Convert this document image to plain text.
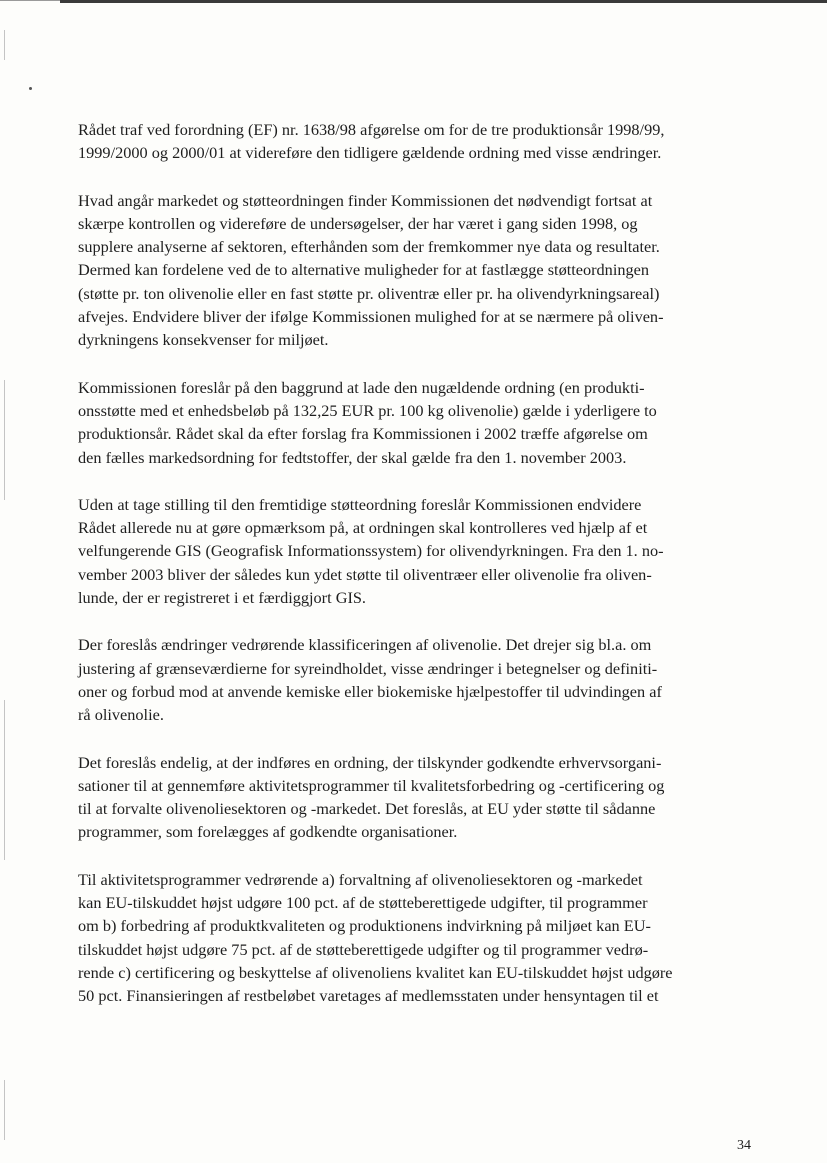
Rådet traf ved forordning (EF) nr. 1638/98 afgørelse om for de tre produktionsår 1998/99,
1999/2000 og 2000/01 at videreføre den tidligere gældende ordning med visse ændringer.

Hvad angår markedet og støtteordningen finder Kommissionen det nødvendigt fortsat at
skærpe kontrollen og videreføre de undersøgelser, der har været i gang siden 1998, og
supplere analyserne af sektoren, efterhånden som der fremkommer nye data og resultater.
Dermed kan fordelene ved de to alternative muligheder for at fastlægge støtteordningen
(støtte pr. ton olivenolie eller en fast støtte pr. oliventræ eller pr. ha olivendyrkningsareal)
afvejes. Endvidere bliver der ifølge Kommissionen mulighed for at se nærmere på oliven-
dyrkningens konsekvenser for miljøet.

Kommissionen foreslår på den baggrund at lade den nugældende ordning (en produkti-
onsstøtte med et enhedsbeløb på 132,25 EUR pr. 100 kg olivenolie) gælde i yderligere to
produktionsår. Rådet skal da efter forslag fra Kommissionen i 2002 træffe afgørelse om
den fælles markedsordning for fedtstoffer, der skal gælde fra den 1. november 2003.

Uden at tage stilling til den fremtidige støtteordning foreslår Kommissionen endvidere
Rådet allerede nu at gøre opmærksom på, at ordningen skal kontrolleres ved hjælp af et
velfungerende GIS (Geografisk Informationssystem) for olivendyrkningen. Fra den 1. no-
vember 2003 bliver der således kun ydet støtte til oliventræer eller olivenolie fra oliven-
lunde, der er registreret i et færdiggjort GIS.

Der foreslås ændringer vedrørende klassificeringen af olivenolie. Det drejer sig bl.a. om
justering af grænseværdierne for syreindholdet, visse ændringer i betegnelser og definiti-
oner og forbud mod at anvende kemiske eller biokemiske hjælpestoffer til udvindingen af
rå olivenolie.

Det foreslås endelig, at der indføres en ordning, der tilskynder godkendte erhvervsorgani-
sationer til at gennemføre aktivitetsprogrammer til kvalitetsforbedring og -certificering og
til at forvalte olivenoliesektoren og -markedet. Det foreslås, at EU yder støtte til sådanne
programmer, som forelægges af godkendte organisationer.

Til aktivitetsprogrammer vedrørende a) forvaltning af olivenoliesektoren og -markedet
kan EU-tilskuddet højst udgøre 100 pct. af de støtteberettigede udgifter, til programmer
om b) forbedring af produktkvaliteten og produktionens indvirkning på miljøet kan EU-
tilskuddet højst udgøre 75 pct. af de støtteberettigede udgifter og til programmer vedrø-
rende c) certificering og beskyttelse af olivenoliens kvalitet kan EU-tilskuddet højst udgøre
50 pct. Finansieringen af restbeløbet varetages af medlemsstaten under hensyntagen til et

34
